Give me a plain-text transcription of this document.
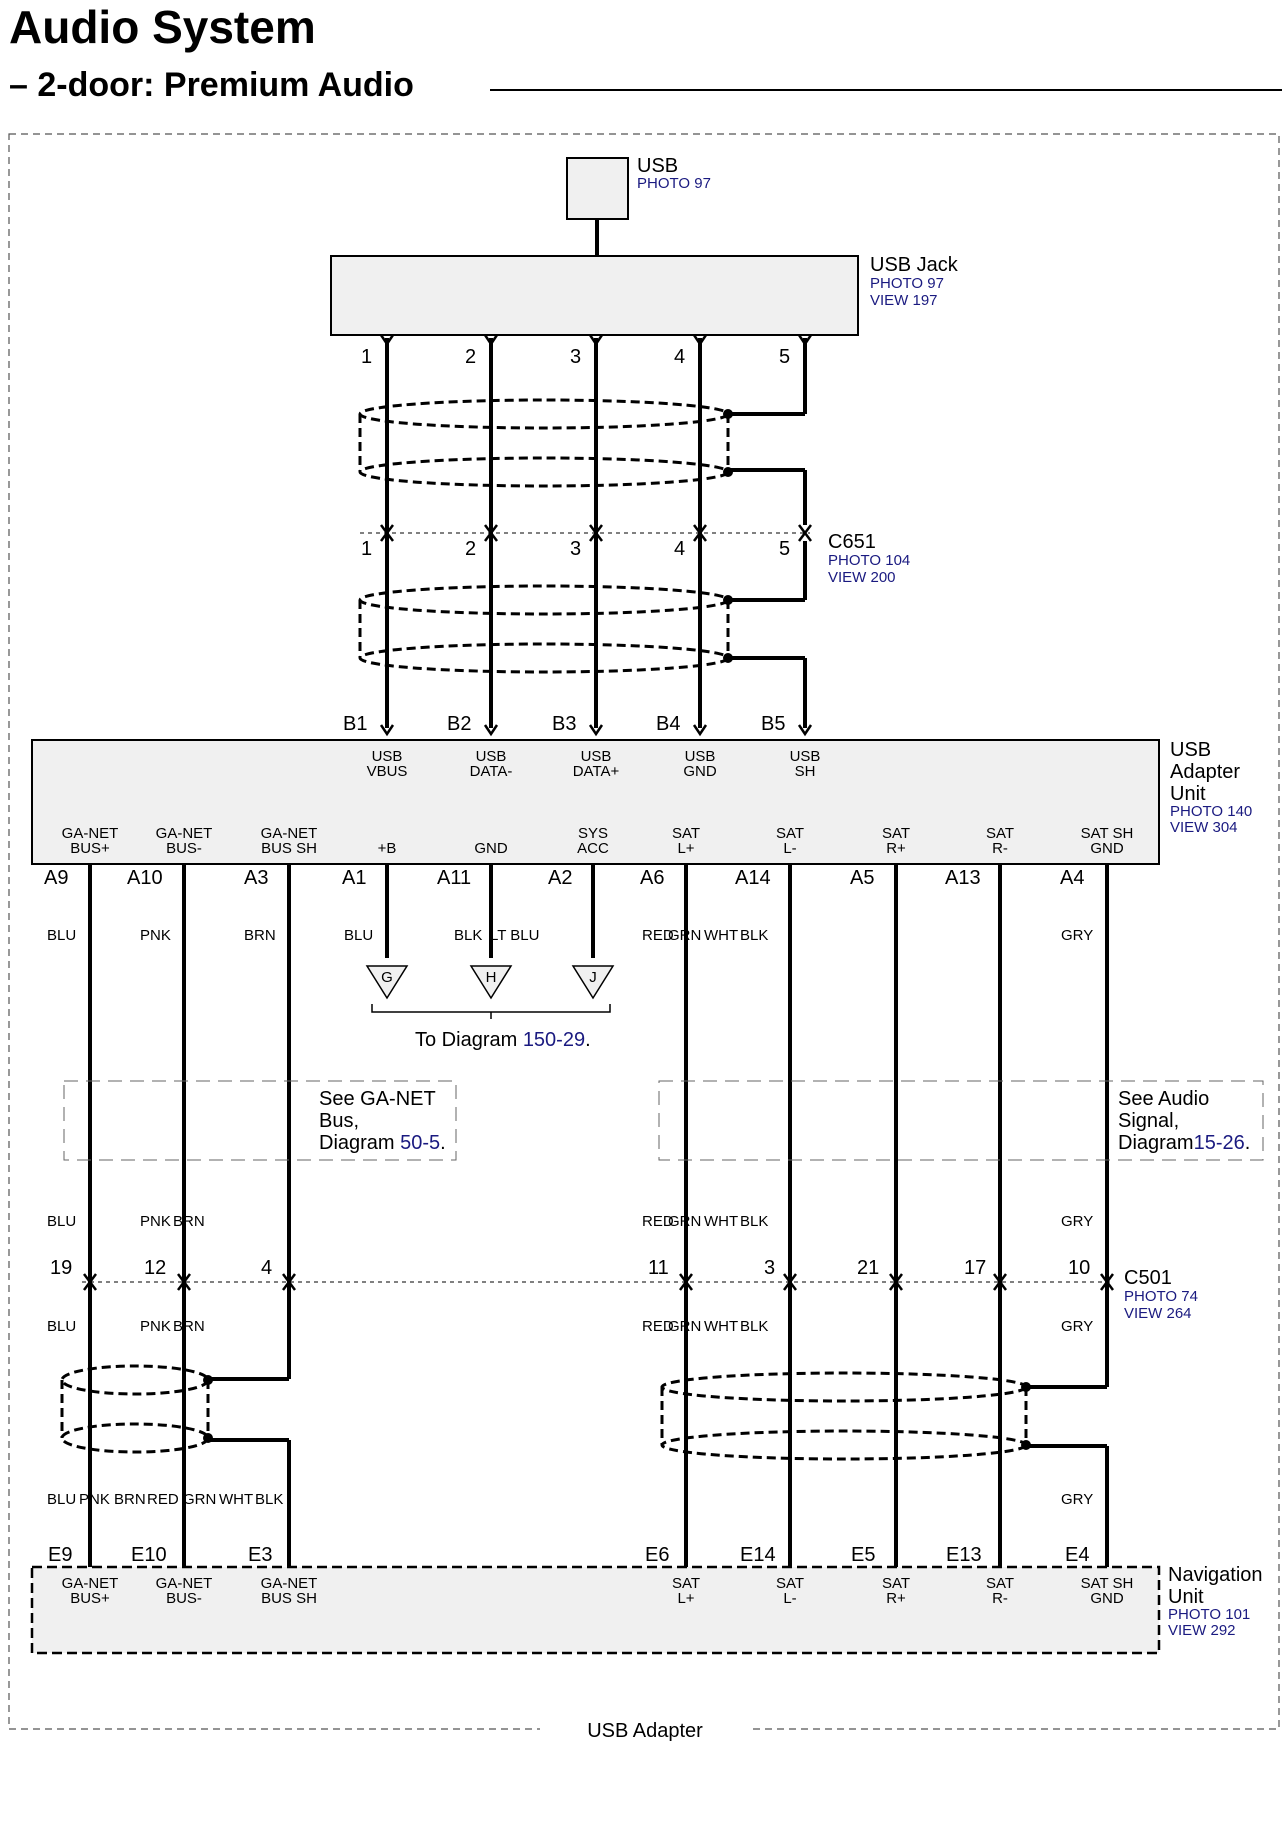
Audio System
– 2-door: Premium Audio
USB Adapter
USB
PHOTO 97
USB Jack
PHOTO 97
VIEW 197
1
1
2
2
3
3
4
4
5
5 C651
PHOTO 104
VIEW 200
USB
Adapter
Unit
PHOTO 140
VIEW 304
B1
USB
VBUS
B2
USB
DATA-
B3
USB
DATA+
B4
USB
GND
B5
USB
SH
GA-NET
BUS+
A9
GA-NET
BUS-
A10
GA-NET
BUS SH
A3
+B
A1
GND
A11
SYS
ACC
A2
SAT
L+
A6
SAT
L-
A14
SAT
R+
A5
SAT
R-
A13
SAT SH
GND
A4
BLU	PNK	BRN	BLU	BLK LT BLU	RED
GRN WHT BLK	GRY
BLU	PNK BRN	RED
GRN WHT BLK	GRY
BLU	PNK BRN	RED
GRN WHT BLK	GRY
BLU PNK BRN RED GRN WHT BLK	GRY
19	12	4	11	3	21	17	10
G	H	J
To Diagram 150-29.
See GA-NET
Bus,
Diagram 50-5.
See Audio
Signal,
Diagram15-26.
C501
PHOTO 74
VIEW 264
Navigation
Unit
PHOTO 101
VIEW 292
E9
GA-NET
BUS+
E10
GA-NET
BUS-
E3
GA-NET
BUS SH
E6
SAT
L+
E14
SAT
L-
E5
SAT
R+
E13
SAT
R-
E4
SAT SH
GND
